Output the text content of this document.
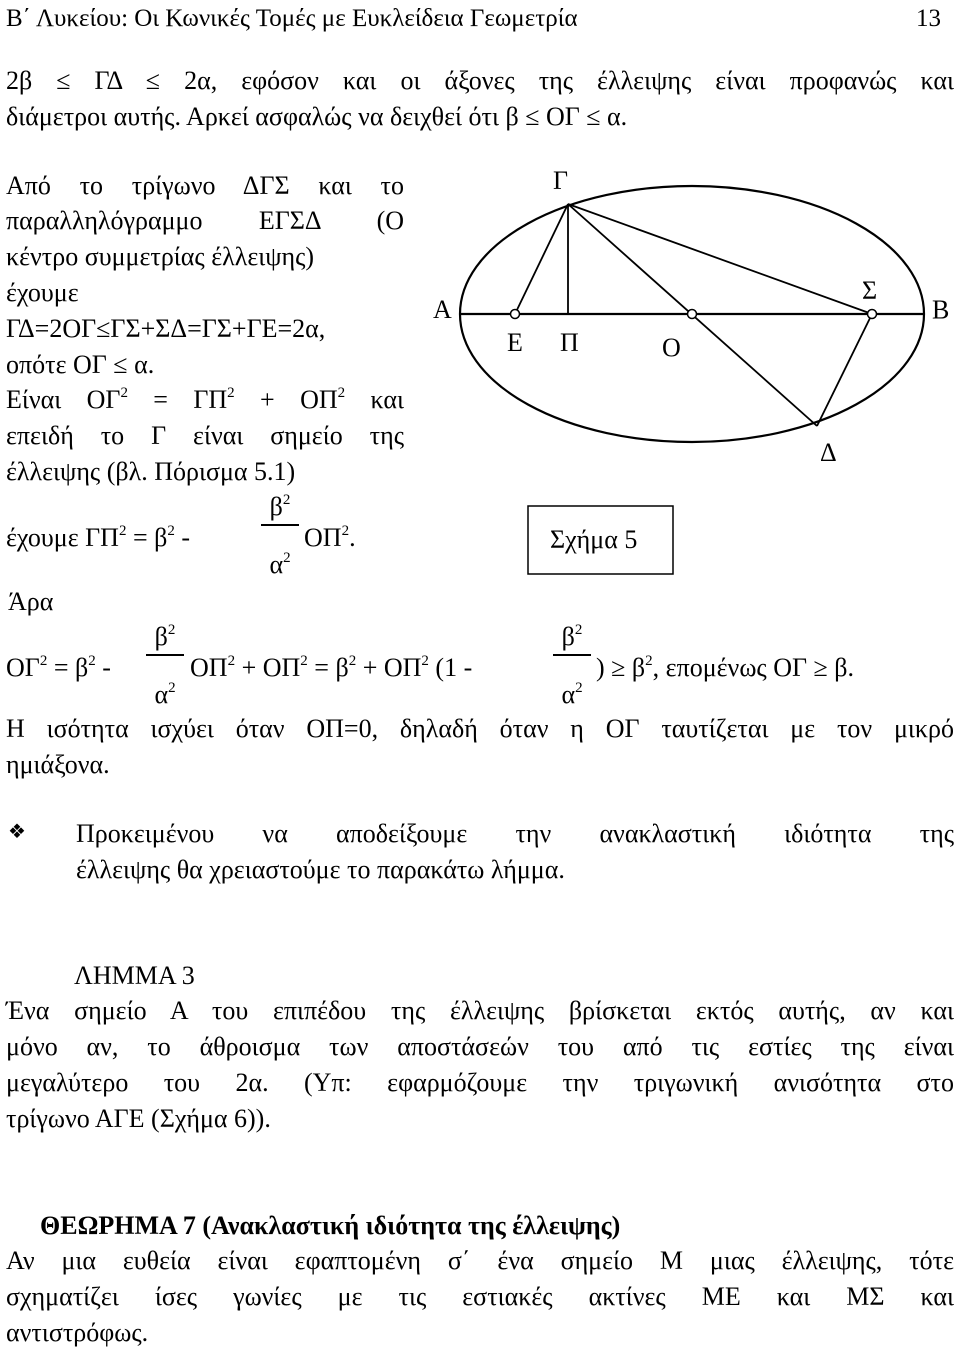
Β΄ Λυκείου: Οι Κωνικές Τομές με Ευκλείδεια Γεωμετρία	13
2β ≤ ΓΔ ≤ 2α, εφόσον και οι άξονες της έλλειψης είναι προφανώς και
διάμετροι αυτής. Αρκεί ασφαλώς να δειχθεί ότι β ≤ ΟΓ ≤ α.
Από το τρίγωνο ΔΓΣ και το
παραλληλόγραμμο ΕΓΣΔ (Ο
κέντρο συμμετρίας έλλειψης)
έχουμε
ΓΔ=2ΟΓ≤ΓΣ+ΣΔ=ΓΣ+ΓΕ=2α,
οπότε ΟΓ ≤ α.
Είναι $O\Gamma^2 = \Gamma\Pi^2 + O\Pi^2$ και
επειδή το Γ είναι σημείο της
έλλειψης (βλ. Πόρισμα 5.1)
έχουμε $\Gamma\Pi^2 = \beta^2$ -
$\beta^2$
$\alpha^2$
$O\Pi^2$.
Άρα
$O\Gamma^2 = \beta^2$ -
$\beta^2$
$\alpha^2$
$O\Pi^2 + O\Pi^2 = \beta^2 + O\Pi^2$ (1 -
$\beta^2$
$\alpha^2$
) ≥ $\beta^2$, επομένως ΟΓ ≥ β.
Η ισότητα ισχύει όταν ΟΠ=0, δηλαδή όταν η ΟΓ ταυτίζεται με τον μικρό
ημιάξονα.
❖ Προκειμένου να αποδείξουμε την ανακλαστική ιδιότητα της
έλλειψης θα χρειαστούμε το παρακάτω λήμμα.
ΛΗΜΜΑ 3
Ένα σημείο Α του επιπέδου της έλλειψης βρίσκεται εκτός αυτής, αν και
μόνο αν, το άθροισμα των αποστάσεών του από τις εστίες της είναι
μεγαλύτερο του 2α. (Υπ: εφαρμόζουμε την τριγωνική ανισότητα στο
τρίγωνο ΑΓΕ (Σχήμα 6)).
ΘΕΩΡΗΜΑ 7 (Ανακλαστική ιδιότητα της έλλειψης)
Αν μια ευθεία είναι εφαπτομένη σ΄ ένα σημείο Μ μιας έλλειψης, τότε
σχηματίζει ίσες γωνίες με τις εστιακές ακτίνες ΜΕ και ΜΣ και
αντιστρόφως.
Α	Β
Γ
Ε Π	Ο
Σ
Δ
Σχήμα 5
